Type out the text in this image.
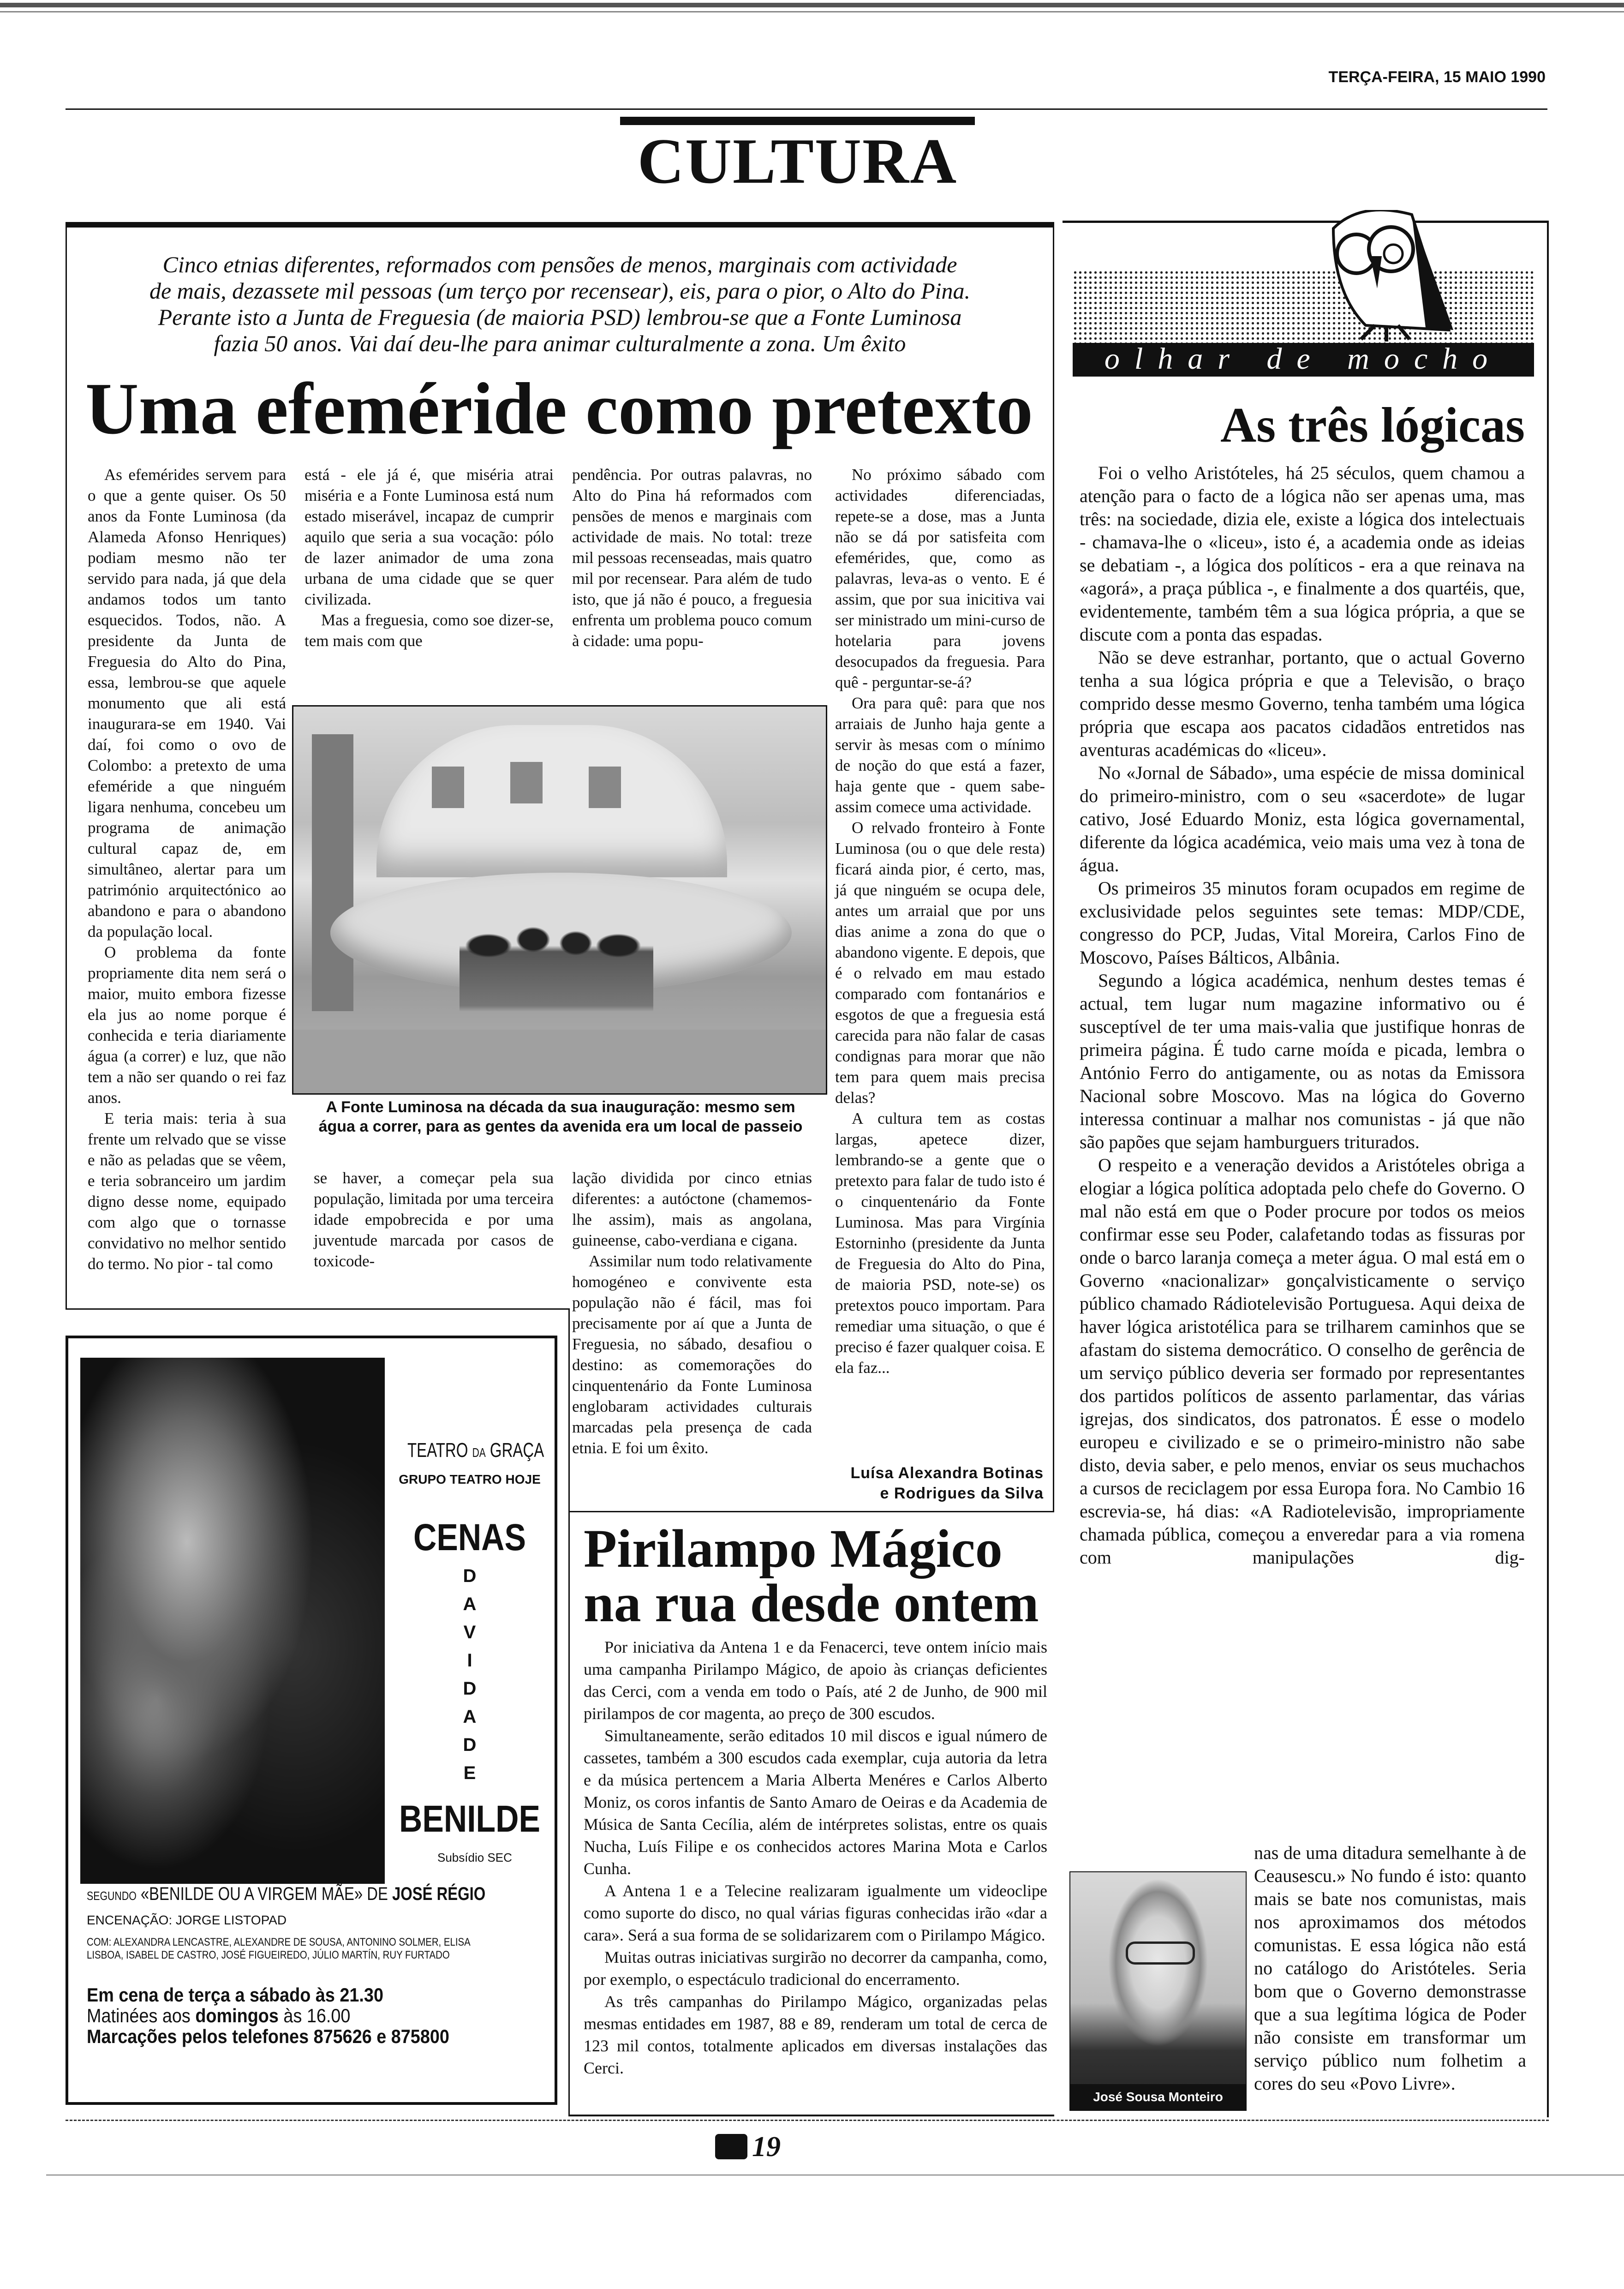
TERÇA-FEIRA, 15 MAIO 1990
CULTURA
Cinco etnias diferentes, reformados com pensões de menos, marginais com actividade
de mais, dezassete mil pessoas (um terço por recensear), eis, para o pior, o Alto do Pina.
Perante isto a Junta de Freguesia (de maioria PSD) lembrou-se que a Fonte Luminosa
fazia 50 anos. Vai daí deu-lhe para animar culturalmente a zona. Um êxito
Uma efeméride como pretexto

As efemérides servem para o que a gente quiser. Os 50 anos da Fonte Luminosa (da Alameda Afonso Henriques) podiam mesmo não ter servido para nada, já que dela andamos todos um tanto esquecidos. Todos, não. A presidente da Junta de Freguesia do Alto do Pina, essa, lembrou-se que aquele monumento que ali está inaugurara-se em 1940. Vai daí, foi como o ovo de Colombo: a pretexto de uma efeméride a que ninguém ligara nenhuma, concebeu um programa de animação cultural capaz de, em simultâneo, alertar para um património arquitectónico ao abandono e para o abandono da população local.

O problema da fonte propriamente dita nem será o maior, muito embora fizesse ela jus ao nome porque é conhecida e teria diariamente água (a correr) e luz, que não tem a não ser quando o rei faz anos.

E teria mais: teria à sua frente um relvado que se visse e não as peladas que se vêem, e teria sobranceiro um jardim digno desse nome, equipado com algo que o tornasse convidativo no melhor sentido do termo. No pior - tal como

está - ele já é, que miséria atrai miséria e a Fonte Luminosa está num estado miserável, incapaz de cumprir aquilo que seria a sua vocação: pólo de lazer animador de uma zona urbana de uma cidade que se quer civilizada.

Mas a freguesia, como soe dizer-se, tem mais com que

se haver, a começar pela sua população, limitada por uma terceira idade empobrecida e por uma juventude marcada por casos de toxicode-

pendência. Por outras palavras, no Alto do Pina há reformados com pensões de menos e marginais com actividade de mais. No total: treze mil pessoas recenseadas, mais quatro mil por recensear. Para além de tudo isto, que já não é pouco, a freguesia enfrenta um problema pouco comum à cidade: uma popu-

lação dividida por cinco etnias diferentes: a autóctone (chamemos-lhe assim), mais as angolana, guineense, cabo-verdiana e cigana.

Assimilar num todo relativamente homogéneo e convivente esta população não é fácil, mas foi precisamente por aí que a Junta de Freguesia, no sábado, desafiou o destino: as comemorações do cinquentenário da Fonte Luminosa englobaram actividades culturais marcadas pela presença de cada etnia. E foi um êxito.

No próximo sábado com actividades diferenciadas, repete-se a dose, mas a Junta não se dá por satisfeita com efemérides, que, como as palavras, leva-as o vento. E é assim, que por sua inicitiva vai ser ministrado um mini-curso de hotelaria para jovens desocupados da freguesia. Para quê - perguntar-se-á?

Ora para quê: para que nos arraiais de Junho haja gente a servir às mesas com o mínimo de noção do que está a fazer, haja gente que - quem sabe- assim comece uma actividade.

O relvado fronteiro à Fonte Luminosa (ou o que dele resta) ficará ainda pior, é certo, mas, já que ninguém se ocupa dele, antes um arraial que por uns dias anime a zona do que o abandono vigente. E depois, que é o relvado em mau estado comparado com fontanários e esgotos de que a freguesia está carecida para não falar de casas condignas para morar que não tem para quem mais precisa delas?

A cultura tem as costas largas, apetece dizer, lembrando-se a gente que o pretexto para falar de tudo isto é o cinquentenário da Fonte Luminosa. Mas para Virgínia Estorninho (presidente da Junta de Freguesia do Alto do Pina, de maioria PSD, note-se) os pretextos pouco importam. Para remediar uma situação, o que é preciso é fazer qualquer coisa. E ela faz...

Luísa Alexandra Botinas
e Rodrigues da Silva
A Fonte Luminosa na década da sua inauguração: mesmo sem água a correr, para as gentes da avenida era um local de passeio
TEATRO DA GRAÇA
GRUPO TEATRO HOJE
CENAS
D
A
V
I
D
A
D
E
BENILDE
Subsídio SEC
SEGUNDO «BENILDE OU A VIRGEM MÃE» DE JOSÉ RÉGIO
ENCENAÇÃO: JORGE LISTOPAD
COM: ALEXANDRA LENCASTRE, ALEXANDRE DE SOUSA, ANTONINO SOLMER, ELISA
LISBOA, ISABEL DE CASTRO, JOSÉ FIGUEIREDO, JÚLIO MARTÍN, RUY FURTADO
Em cena de terça a sábado às 21.30
Matinées aos domingos às 16.00
Marcações pelos telefones 875626 e 875800
Pirilampo Mágico
na rua desde ontem

Por iniciativa da Antena 1 e da Fenacerci, teve ontem início mais uma campanha Pirilampo Mágico, de apoio às crianças deficientes das Cerci, com a venda em todo o País, até 2 de Junho, de 900 mil pirilampos de cor magenta, ao preço de 300 escudos.

Simultaneamente, serão editados 10 mil discos e igual número de cassetes, também a 300 escudos cada exemplar, cuja autoria da letra e da música pertencem a Maria Alberta Menéres e Carlos Alberto Moniz, os coros infantis de Santo Amaro de Oeiras e da Academia de Música de Santa Cecília, além de intérpretes solistas, entre os quais Nucha, Luís Filipe e os conhecidos actores Marina Mota e Carlos Cunha.

A Antena 1 e a Telecine realizaram igualmente um videoclipe como suporte do disco, no qual várias figuras conhecidas irão «dar a cara». Será a sua forma de se solidarizarem com o Pirilampo Mágico.

Muitas outras iniciativas surgirão no decorrer da campanha, como, por exemplo, o espectáculo tradicional do encerramento.

As três campanhas do Pirilampo Mágico, organizadas pelas mesmas entidades em 1987, 88 e 89, renderam um total de cerca de 123 mil contos, totalmente aplicados em diversas instalações das Cerci.

olhar de mocho
As três lógicas

Foi o velho Aristóteles, há 25 séculos, quem chamou a atenção para o facto de a lógica não ser apenas uma, mas três: na sociedade, dizia ele, existe a lógica dos intelectuais - chamava-lhe o «liceu», isto é, a academia onde as ideias se debatiam -, a lógica dos políticos - era a que reinava na «agorá», a praça pública -, e finalmente a dos quartéis, que, evidentemente, também têm a sua lógica própria, a que se discute com a ponta das espadas.

Não se deve estranhar, portanto, que o actual Governo tenha a sua lógica própria e que a Televisão, o braço comprido desse mesmo Governo, tenha também uma lógica própria que escapa aos pacatos cidadãos entretidos nas aventuras académicas do «liceu».

No «Jornal de Sábado», uma espécie de missa dominical do primeiro-ministro, com o seu «sacerdote» de lugar cativo, José Eduardo Moniz, esta lógica governamental, diferente da lógica académica, veio mais uma vez à tona de água.

Os primeiros 35 minutos foram ocupados em regime de exclusividade pelos seguintes sete temas: MDP/CDE, congresso do PCP, Judas, Vital Moreira, Carlos Fino de Moscovo, Países Bálticos, Albânia.

Segundo a lógica académica, nenhum destes temas é actual, tem lugar num magazine informativo ou é susceptível de ter uma mais-valia que justifique honras de primeira página. É tudo carne moída e picada, lembra o António Ferro do antigamente, ou as notas da Emissora Nacional sobre Moscovo. Mas na lógica do Governo interessa continuar a malhar nos comunistas - já que não são papões que sejam hamburguers triturados.

O respeito e a veneração devidos a Aristóteles obriga a elogiar a lógica política adoptada pelo chefe do Governo. O mal não está em que o Poder procure por todos os meios confirmar esse seu Poder, calafetando todas as fissuras por onde o barco laranja começa a meter água. O mal está em o Governo «nacionalizar» gonçalvisticamente o serviço público chamado Rádiotelevisão Portuguesa. Aqui deixa de haver lógica aristotélica para se trilharem caminhos que se afastam do sistema democrático. O conselho de gerência de um serviço público deveria ser formado por representantes dos partidos políticos de assento parlamentar, das várias igrejas, dos sindicatos, dos patronatos. É esse o modelo europeu e civilizado e se o primeiro-ministro não sabe disto, devia saber, e pelo menos, enviar os seus muchachos a cursos de reciclagem por essa Europa fora. No Cambio 16 escrevia-se, há dias: «A Radiotelevisão, impropriamente chamada pública, começou a enveredar para a via romena com manipulações dig-

nas de uma ditadura semelhante à de Ceausescu.» No fundo é isto: quanto mais se bate nos comunistas, mais nos aproximamos dos métodos comunistas. E essa lógica não está no catálogo do Aristóteles. Seria bom que o Governo demonstrasse que a sua legítima lógica de Poder não consiste em transformar um serviço público num folhetim a cores do seu «Povo Livre».

José Sousa Monteiro
19
